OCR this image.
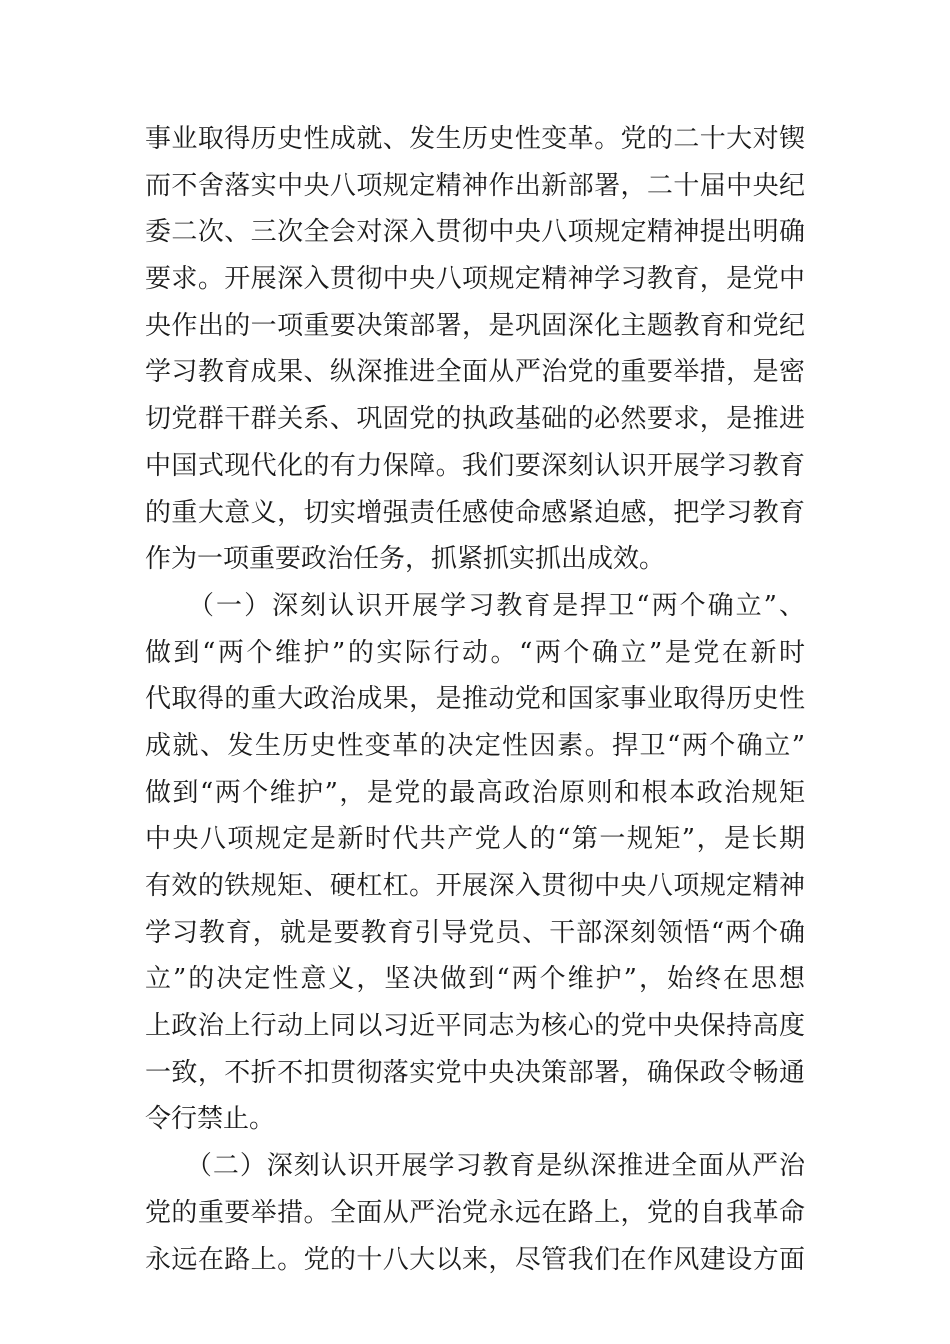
事业取得历史性成就、发生历史性变革。党的二十大对锲
而不舍落实中央八项规定精神作出新部署，二十届中央纪
委二次、三次全会对深入贯彻中央八项规定精神提出明确
要求。开展深入贯彻中央八项规定精神学习教育，是党中
央作出的一项重要决策部署，是巩固深化主题教育和党纪
学习教育成果、纵深推进全面从严治党的重要举措，是密
切党群干群关系、巩固党的执政基础的必然要求，是推进
中国式现代化的有力保障。我们要深刻认识开展学习教育
的重大意义，切实增强责任感使命感紧迫感，把学习教育
作为一项重要政治任务，抓紧抓实抓出成效。
　　（一）深刻认识开展学习教育是捍卫“两个确立”、
做到“两个维护”的实际行动。“两个确立”是党在新时
代取得的重大政治成果，是推动党和国家事业取得历史性
成就、发生历史性变革的决定性因素。捍卫“两个确立”
做到“两个维护”，是党的最高政治原则和根本政治规矩
中央八项规定是新时代共产党人的“第一规矩”，是长期
有效的铁规矩、硬杠杠。开展深入贯彻中央八项规定精神
学习教育，就是要教育引导党员、干部深刻领悟“两个确
立”的决定性意义，坚决做到“两个维护”，始终在思想
上政治上行动上同以习近平同志为核心的党中央保持高度
一致，不折不扣贯彻落实党中央决策部署，确保政令畅通
令行禁止。
　　（二）深刻认识开展学习教育是纵深推进全面从严治
党的重要举措。全面从严治党永远在路上，党的自我革命
永远在路上。党的十八大以来，尽管我们在作风建设方面
